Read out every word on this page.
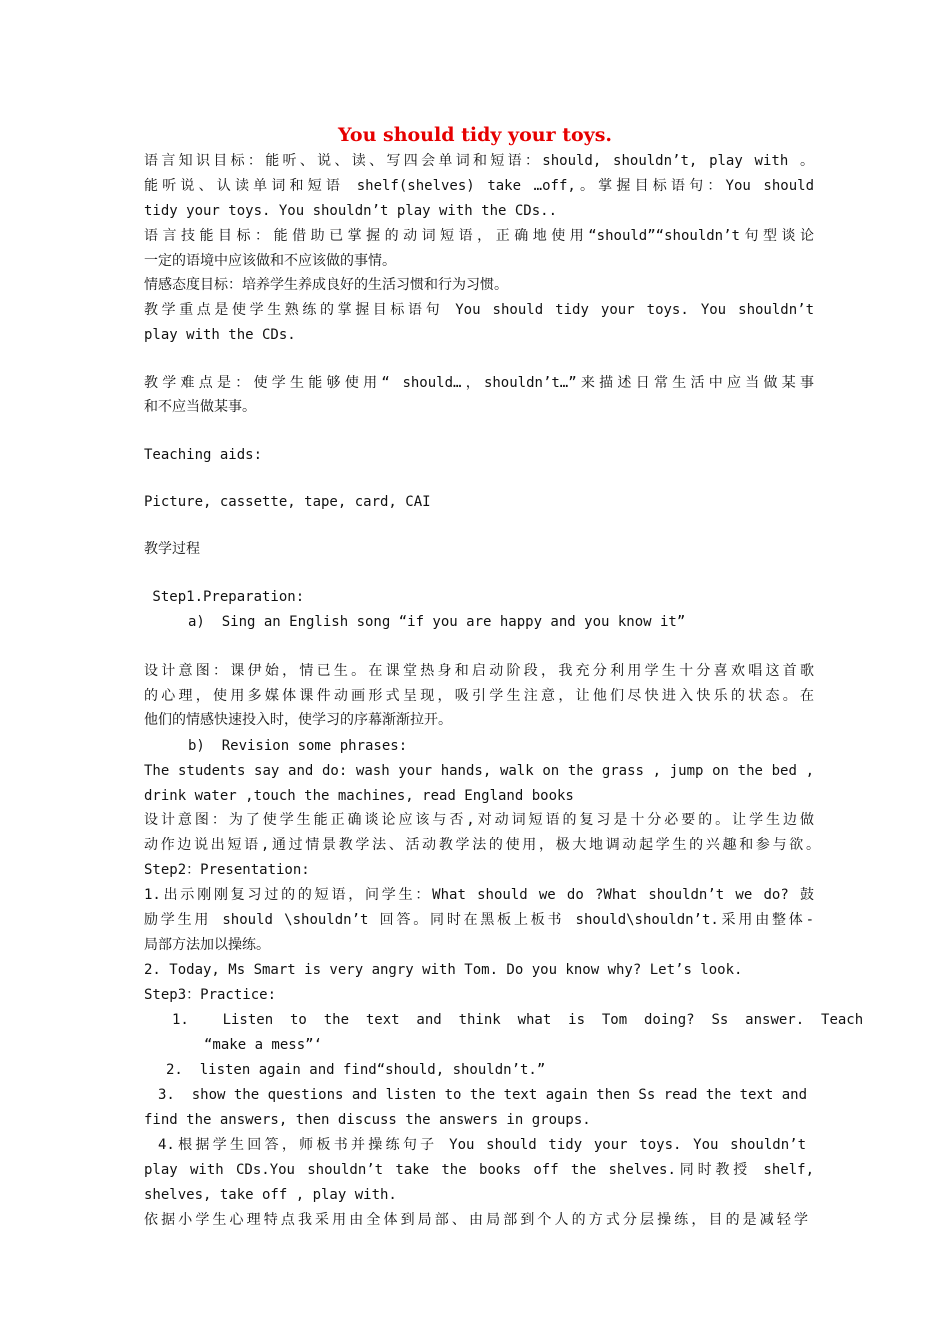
You should tidy your toys.
语言知识目标：能听、说、读、写四会单词和短语：should, shouldn’t, play with 。
能听说、认读单词和短语 shelf(shelves) take …off,。掌握目标语句：You should
tidy your toys. You shouldn’t play with the CDs..
语言技能目标：能借助已掌握的动词短语，正确地使用“should”“shouldn’t句型谈论
一定的语境中应该做和不应该做的事情。
情感态度目标：培养学生养成良好的生活习惯和行为习惯。
教学重点是使学生熟练的掌握目标语句 You should tidy your toys. You shouldn’t
play with the CDs.
教学难点是：使学生能够使用“ should…，shouldn’t…”来描述日常生活中应当做某事
和不应当做某事。
Teaching aids:
Picture, cassette, tape, card, CAI
教学过程
Step1.Preparation:
a)  Sing an English song “if you are happy and you know it”
设计意图：课伊始，情已生。在课堂热身和启动阶段，我充分利用学生十分喜欢唱这首歌
的心理，使用多媒体课件动画形式呈现，吸引学生注意，让他们尽快进入快乐的状态。在
他们的情感快速投入时，使学习的序幕渐渐拉开。
b)  Revision some phrases:
The students say and do: wash your hands, walk on the grass , jump on the bed ,
drink water ,touch the machines, read England books
设计意图：为了使学生能正确谈论应该与否,对动词短语的复习是十分必要的。让学生边做
动作边说出短语,通过情景教学法、活动教学法的使用，极大地调动起学生的兴趣和参与欲。
Step2：Presentation:
1.出示刚刚复习过的的短语，问学生：What should we do ?What shouldn’t we do? 鼓
励学生用 should \shouldn’t 回答。同时在黑板上板书 should\shouldn’t.采用由整体-
局部方法加以操练。
2. Today, Ms Smart is very angry with Tom. Do you know why? Let’s look.
Step3：Practice:
1.    Listen  to  the  text  and  think  what  is  Tom  doing?  Ss  answer.  Teach
“make a mess”‘
2.  listen again and find“should, shouldn’t.”
3.  show the questions and listen to the text again then Ss read the text and
find the answers, then discuss the answers in groups.
4.根据学生回答，师板书并操练句子 You should tidy your toys. You shouldn’t
play with CDs.You shouldn’t take the books off the shelves.同时教授 shelf,
shelves, take off , play with.
依据小学生心理特点我采用由全体到局部、由局部到个人的方式分层操练，目的是减轻学
